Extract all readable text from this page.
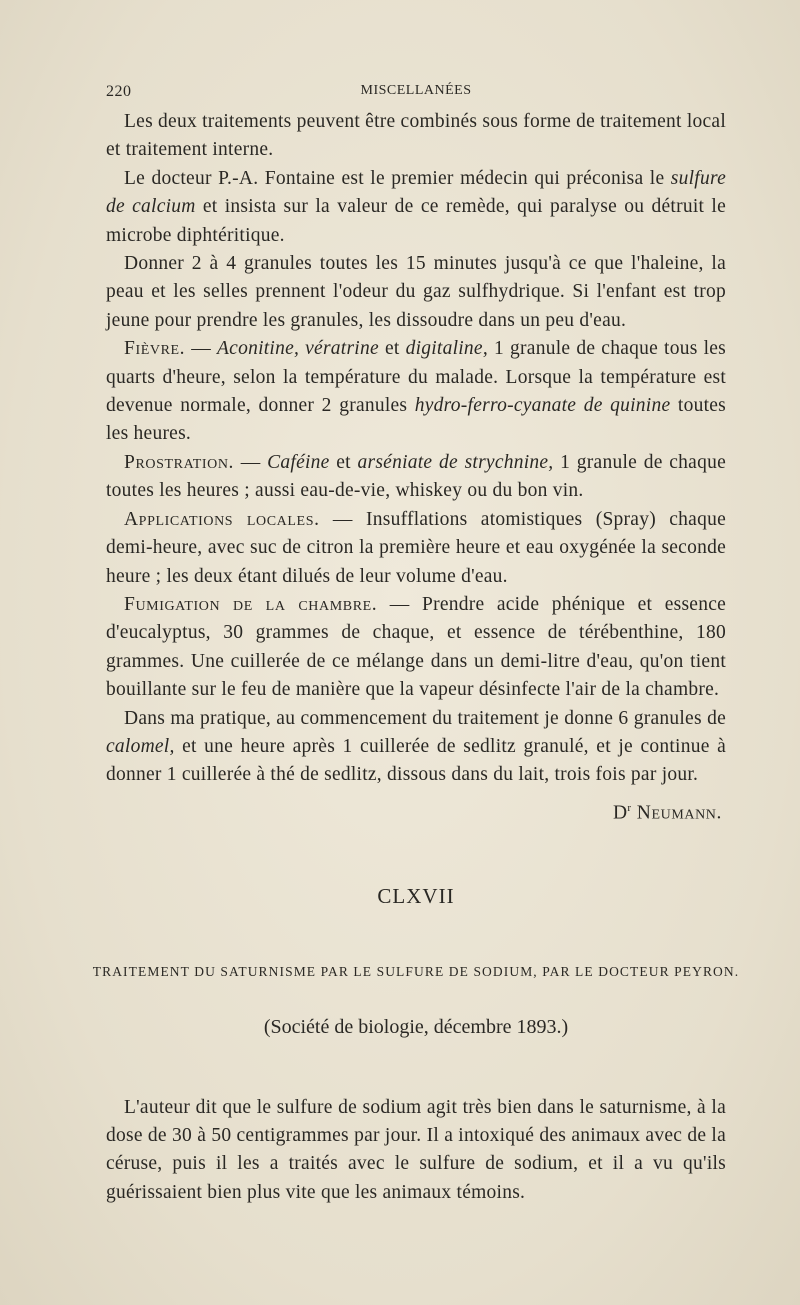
220	MISCELLANÉES

Les deux traitements peuvent être combinés sous forme de traitement local et traitement interne.

Le docteur P.-A. Fontaine est le premier médecin qui préconisa le sulfure de calcium et insista sur la valeur de ce remède, qui paralyse ou détruit le microbe diphtéritique.

Donner 2 à 4 granules toutes les 15 minutes jusqu'à ce que l'haleine, la peau et les selles prennent l'odeur du gaz sulfhydrique. Si l'enfant est trop jeune pour prendre les granules, les dissoudre dans un peu d'eau.

Fièvre. — Aconitine, vératrine et digitaline, 1 granule de chaque tous les quarts d'heure, selon la température du malade. Lorsque la température est devenue normale, donner 2 granules hydro-ferro-cyanate de quinine toutes les heures.

Prostration. — Caféine et arséniate de strychnine, 1 granule de chaque toutes les heures ; aussi eau-de-vie, whiskey ou du bon vin.

Applications locales. — Insufflations atomistiques (Spray) chaque demi-heure, avec suc de citron la première heure et eau oxygénée la seconde heure ; les deux étant dilués de leur volume d'eau.

Fumigation de la chambre. — Prendre acide phénique et essence d'eucalyptus, 30 grammes de chaque, et essence de térébenthine, 180 grammes. Une cuillerée de ce mélange dans un demi-litre d'eau, qu'on tient bouillante sur le feu de manière que la vapeur désinfecte l'air de la chambre.

Dans ma pratique, au commencement du traitement je donne 6 granules de calomel, et une heure après 1 cuillerée de sedlitz granulé, et je continue à donner 1 cuillerée à thé de sedlitz, dissous dans du lait, trois fois par jour.

$D^r$ Neumann.

CLXVII
TRAITEMENT DU SATURNISME PAR LE SULFURE DE SODIUM, PAR LE DOCTEUR PEYRON.
(Société de biologie, décembre 1893.)

L'auteur dit que le sulfure de sodium agit très bien dans le saturnisme, à la dose de 30 à 50 centigrammes par jour. Il a intoxiqué des animaux avec de la céruse, puis il les a traités avec le sulfure de sodium, et il a vu qu'ils guérissaient bien plus vite que les animaux témoins.
